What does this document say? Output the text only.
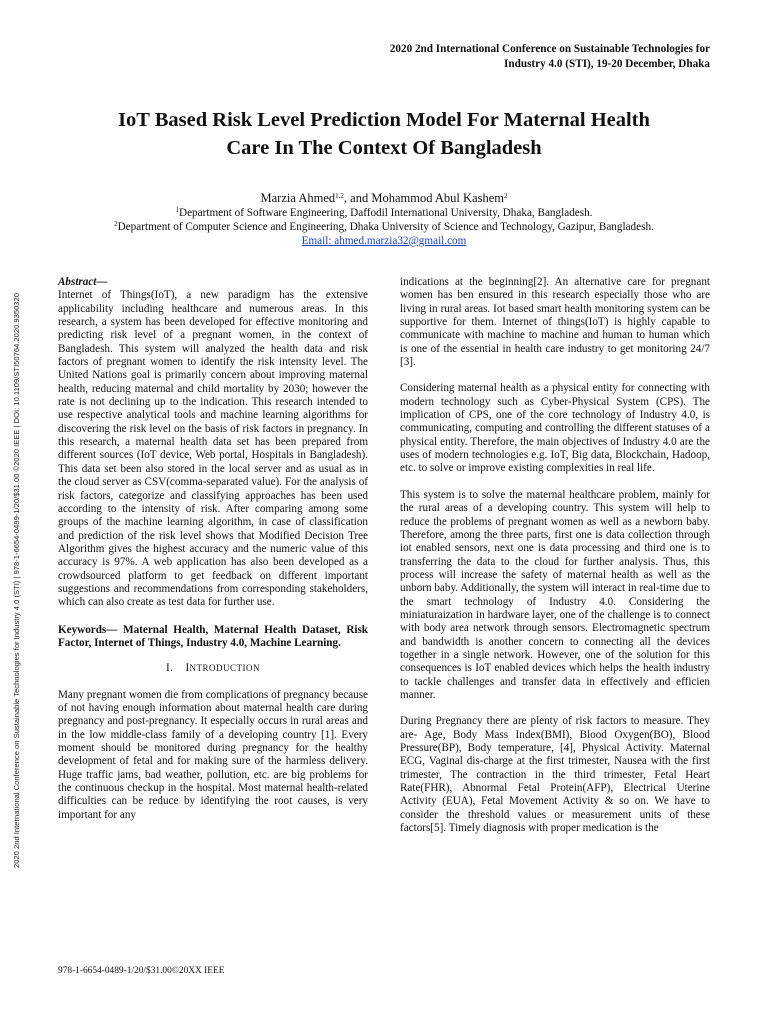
2020 2nd International Conference on Sustainable Technologies for
Industry 4.0 (STI), 19-20 December, Dhaka
IoT Based Risk Level Prediction Model For Maternal Health
Care In The Context Of Bangladesh
Marzia Ahmed$^{1,2}$, and Mohammod Abul Kashem$^2$
$^1$Department of Software Engineering, Daffodil International University, Dhaka, Bangladesh.
$^2$Department of Computer Science and Engineering, Dhaka University of Science and Technology, Gazipur, Bangladesh.
Email: ahmed.marzia32@gmail.com
2020 2nd International Conference on Sustainable Technologies for Industry 4.0 (STI) | 978-1-6654-0489-1/20/$31.00 ©2020 IEEE | DOI: 10.1109/STI50764.2020.9350320

Abstract—
Internet of Things(IoT), a new paradigm has the extensive applicability including healthcare and numerous areas. In this research, a system has been developed for effective monitoring and predicting risk level of a pregnant women, in the context of Bangladesh. This system will analyzed the health data and risk factors of pregnant women to identify the risk intensity level. The United Nations goal is primarily concern about improving maternal health, reducing maternal and child mortality by 2030; however the rate is not declining up to the indication. This research intended to use respective analytical tools and machine learning algorithms for discovering the risk level on the basis of risk factors in pregnancy. In this research, a maternal health data set has been prepared from different sources (IoT device, Web portal, Hospitals in Bangladesh). This data set been also stored in the local server and as usual as in the cloud server as CSV(comma-separated value). For the analysis of risk factors, categorize and classifying approaches has been used according to the intensity of risk. After comparing among some groups of the machine learning algorithm, in case of classification and prediction of the risk level shows that Modified Decision Tree Algorithm gives the highest accuracy and the numeric value of this accuracy is 97%. A web application has also been developed as a crowdsourced platform to get feedback on different important suggestions and recommendations from corresponding stakeholders, which can also create as test data for further use.

Keywords— Maternal Health, Maternal Health Dataset, Risk Factor, Internet of Things, Industry 4.0, Machine Learning.

I. INTRODUCTION

Many pregnant women die from complications of pregnancy because of not having enough information about maternal health care during pregnancy and post-pregnancy. It especially occurs in rural areas and in the low middle-class family of a developing country [1]. Every moment should be monitored during pregnancy for the healthy development of fetal and for making sure of the harmless delivery. Huge traffic jams, bad weather, pollution, etc. are big problems for the continuous checkup in the hospital. Most maternal health-related difficulties can be reduce by identifying the root causes, is very important for any

indications at the beginning[2]. An alternative care for pregnant women has ben ensured in this research especially those who are living in rural areas. Iot based smart health monitoring system can be supportive for them. Internet of things(IoT) is highly capable to communicate with machine to machine and human to human which is one of the essential in health care industry to get monitoring 24/7 [3].

Considering maternal health as a physical entity for connecting with modern technology such as Cyber-Physical System (CPS). The implication of CPS, one of the core technology of Industry 4.0, is communicating, computing and controlling the different statuses of a physical entity. Therefore, the main objectives of Industry 4.0 are the uses of modern technologies e.g. IoT, Big data, Blockchain, Hadoop, etc. to solve or improve existing complexities in real life.

This system is to solve the maternal healthcare problem, mainly for the rural areas of a developing country. This system will help to reduce the problems of pregnant women as well as a newborn baby. Therefore, among the three parts, first one is data collection through iot enabled sensors, next one is data processing and third one is to transferring the data to the cloud for further analysis. Thus, this process will increase the safety of maternal health as well as the unborn baby. Additionally, the system will interact in real-time due to the smart technology of Industry 4.0. Considering the miniaturaization in hardware layer, one of the challenge is to connect with body area network through sensors. Electromagnetic spectrum and bandwidth is another concern to connecting all the devices together in a single network. However, one of the solution for this consequences is IoT enabled devices which helps the health industry to tackle challenges and transfer data in effectively and efficien manner.

During Pregnancy there are plenty of risk factors to measure. They are- Age, Body Mass Index(BMI), Blood Oxygen(BO), Blood Pressure(BP), Body temperature, [4], Physical Activity. Maternal ECG, Vaginal dis-charge at the first trimester, Nausea with the first trimester, The contraction in the third trimester, Fetal Heart Rate(FHR), Abnormal Fetal Protein(AFP), Electrical Uterine Activity (EUA), Fetal Movement Activity & so on. We have to consider the threshold values or measurement units of these factors[5]. Timely diagnosis with proper medication is the

978-1-6654-0489-1/20/$31.00©20XX IEEE
